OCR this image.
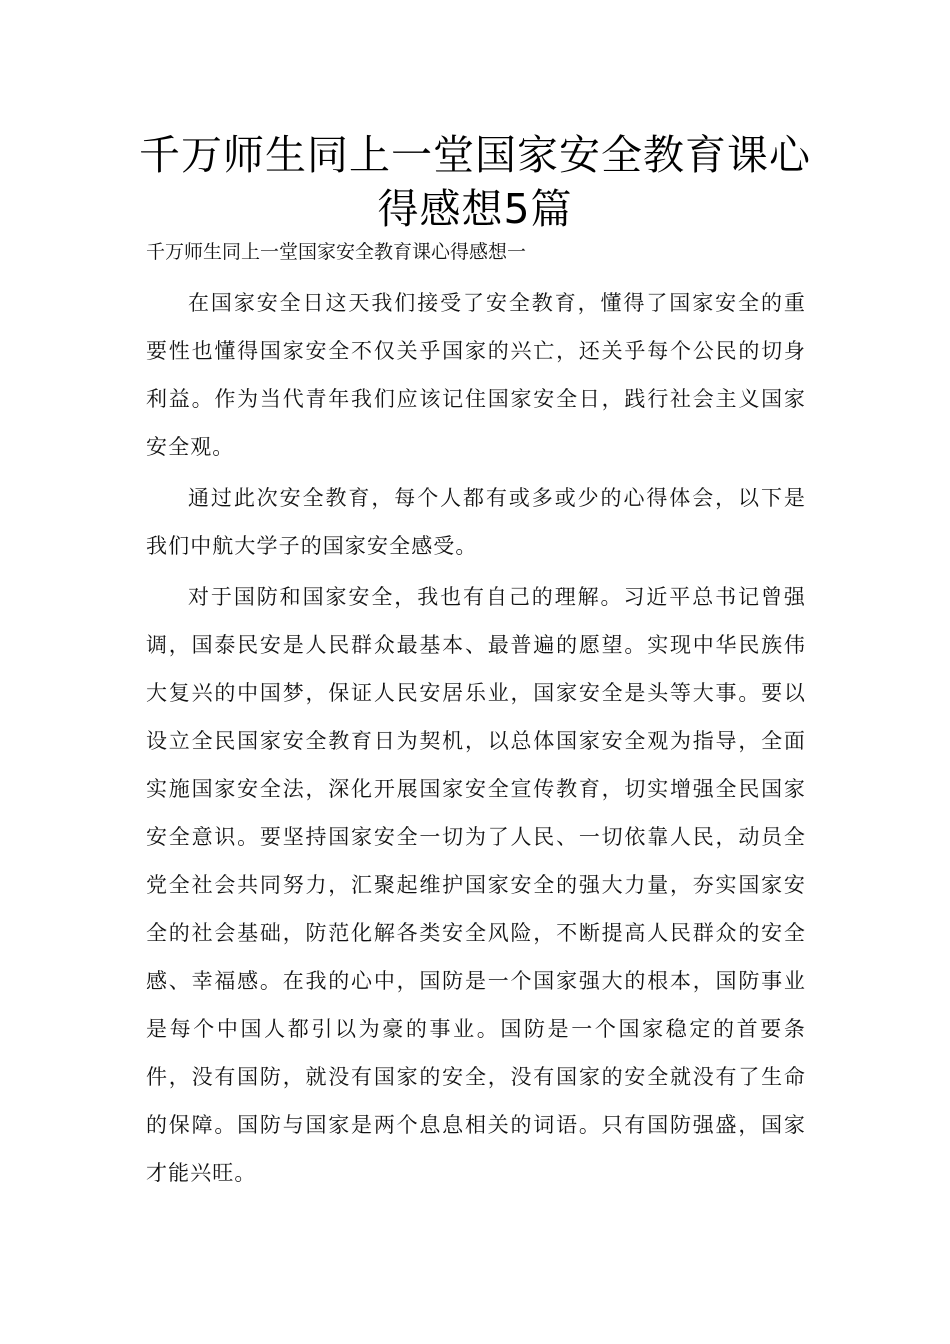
千万师生同上一堂国家安全教育课心得感想5篇

千万师生同上一堂国家安全教育课心得感想一

在国家安全日这天我们接受了安全教育，懂得了国家安全的重要性也懂得国家安全不仅关乎国家的兴亡，还关乎每个公民的切身利益。作为当代青年我们应该记住国家安全日，践行社会主义国家安全观。

通过此次安全教育，每个人都有或多或少的心得体会，以下是我们中航大学子的国家安全感受。

对于国防和国家安全，我也有自己的理解。习近平总书记曾强调，国泰民安是人民群众最基本、最普遍的愿望。实现中华民族伟大复兴的中国梦，保证人民安居乐业，国家安全是头等大事。要以设立全民国家安全教育日为契机，以总体国家安全观为指导，全面实施国家安全法，深化开展国家安全宣传教育，切实增强全民国家安全意识。要坚持国家安全一切为了人民、一切依靠人民，动员全党全社会共同努力，汇聚起维护国家安全的强大力量，夯实国家安全的社会基础，防范化解各类安全风险，不断提高人民群众的安全感、幸福感。在我的心中，国防是一个国家强大的根本，国防事业是每个中国人都引以为豪的事业。国防是一个国家稳定的首要条件，没有国防，就没有国家的安全，没有国家的安全就没有了生命的保障。国防与国家是两个息息相关的词语。只有国防强盛，国家才能兴旺。
